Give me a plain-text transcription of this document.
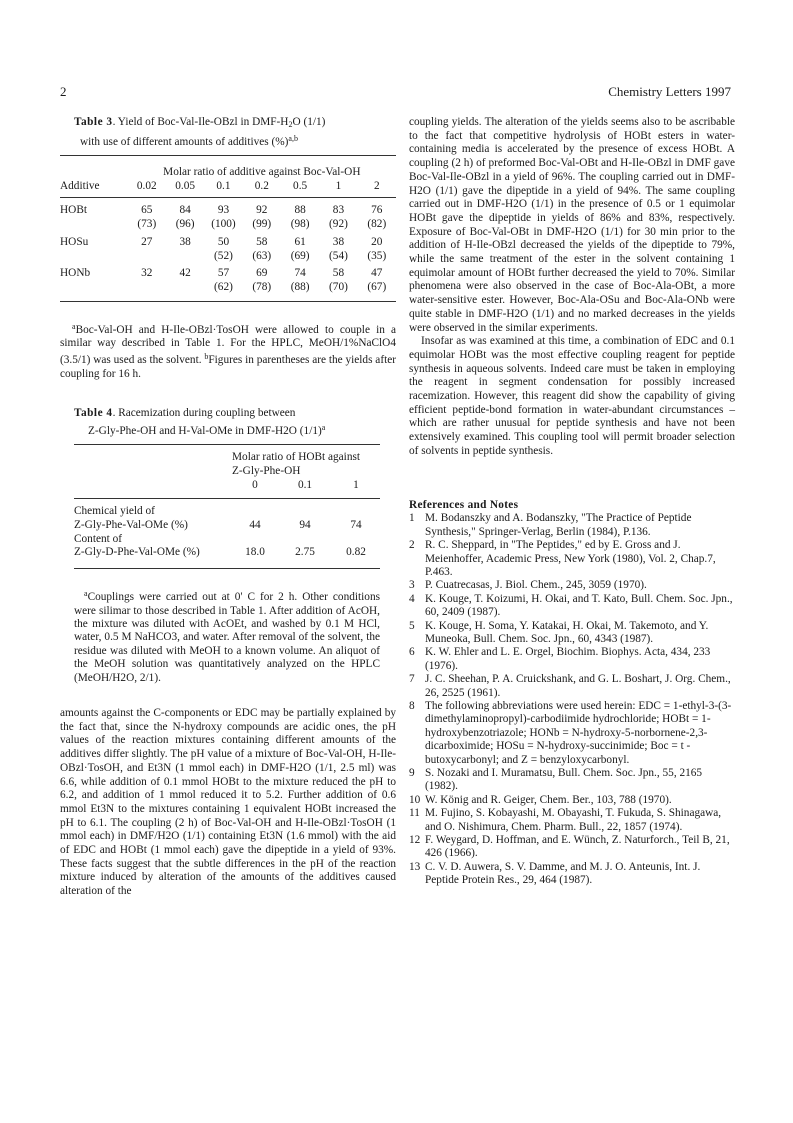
2	Chemistry Letters 1997
Table 3. Yield of Boc-Val-Ile-OBzl in DMF-$H_2O$ (1/1)
with use of different amounts of additives (%)$^{a,b}$
	Molar ratio of additive against Boc-Val-OH						
Additive	0.02	0.05	0.1	0.2	0.5	1	2

HOBt	65	84	93	92	88	83	76
	(73)	(96)	(100)	(99)	(98)	(92)	(82)
HOSu	27	38	50	58	61	38	20
			(52)	(63)	(69)	(54)	(35)
HONb	32	42	57	69	74	58	47
			(62)	(78)	(88)	(70)	(67)

$^a$Boc-Val-OH and H-Ile-OBzl·TosOH were allowed to couple in a similar way described in Table 1. For the HPLC, MeOH/1%NaClO4 (3.5/1) was used as the solvent. $^b$Figures in parentheses are the yields after coupling for 16 h.

Table 4. Racemization during coupling between
Z-Gly-Phe-OH and H-Val-OMe in DMF-H2O $(1/1)^a$
	Molar ratio of HOBt against		
	Z-Gly-Phe-OH		
	0	0.1	1

Chemical yield of			
Z-Gly-Phe-Val-OMe (%)	44	94	74
Content of			
Z-Gly-D-Phe-Val-OMe (%)	18.0	2.75	0.82

$^a$Couplings were carried out at 0' C for 2 h. Other conditions were silimar to those described in Table 1. After addition of AcOH, the mixture was diluted with AcOEt, and washed by 0.1 M HCl, water, 0.5 M NaHCO3, and water. After removal of the solvent, the residue was diluted with MeOH to a known volume. An aliquot of the MeOH solution was quantitatively analyzed on the HPLC (MeOH/H2O, 2/1).

amounts against the C-components or EDC may be partially explained by the fact that, since the N-hydroxy compounds are acidic ones, the pH values of the reaction mixtures containing different amounts of the additives differ slightly. The pH value of a mixture of Boc-Val-OH, H-Ile-OBzl·TosOH, and Et3N (1 mmol each) in DMF-H2O (1/1, 2.5 ml) was 6.6, while addition of 0.1 mmol HOBt to the mixture reduced the pH to 6.2, and addition of 1 mmol reduced it to 5.2. Further addition of 0.6 mmol Et3N to the mixtures containing 1 equivalent HOBt increased the pH to 6.1. The coupling (2 h) of Boc-Val-OH and H-Ile-OBzl·TosOH (1 mmol each) in DMF/H2O (1/1) containing Et3N (1.6 mmol) with the aid of EDC and HOBt (1 mmol each) gave the dipeptide in a yield of 93%. These facts suggest that the subtle differences in the pH of the reaction mixture induced by alteration of the amounts of the additives caused alteration of the

coupling yields. The alteration of the yields seems also to be ascribable to the fact that competitive hydrolysis of HOBt esters in water-containing media is accelerated by the presence of excess HOBt. A coupling (2 h) of preformed Boc-Val-OBt and H-Ile-OBzl in DMF gave Boc-Val-Ile-OBzl in a yield of 96%. The coupling carried out in DMF-H2O (1/1) gave the dipeptide in a yield of 94%. The same coupling carried out in DMF-H2O (1/1) in the presence of 0.5 or 1 equimolar HOBt gave the dipeptide in yields of 86% and 83%, respectively. Exposure of Boc-Val-OBt in DMF-H2O (1/1) for 30 min prior to the addition of H-Ile-OBzl decreased the yields of the dipeptide to 79%, while the same treatment of the ester in the solvent containing 1 equimolar amount of HOBt further decreased the yield to 70%. Similar phenomena were also observed in the case of Boc-Ala-OBt, a more water-sensitive ester. However, Boc-Ala-OSu and Boc-Ala-ONb were quite stable in DMF-H2O (1/1) and no marked decreases in the yields were observed in the similar experiments.

Insofar as was examined at this time, a combination of EDC and 0.1 equimolar HOBt was the most effective coupling reagent for peptide synthesis in aqueous solvents. Indeed care must be taken in employing the reagent in segment condensation for possibly increased racemization. However, this reagent did show the capability of giving efficient peptide-bond formation in water-abundant circumstances – which are rather unusual for peptide synthesis and have not been extensively examined. This coupling tool will permit broader selection of solvents in peptide synthesis.

References and Notes
1 M. Bodanszky and A. Bodanszky, "The Practice of Peptide Synthesis," Springer-Verlag, Berlin (1984), P.136.
2 R. C. Sheppard, in "The Peptides," ed by E. Gross and J. Meienhoffer, Academic Press, New York (1980), Vol. 2, Chap.7, P.463.
3 P. Cuatrecasas, J. Biol. Chem., 245, 3059 (1970).
4 K. Kouge, T. Koizumi, H. Okai, and T. Kato, Bull. Chem. Soc. Jpn., 60, 2409 (1987).
5 K. Kouge, H. Soma, Y. Katakai, H. Okai, M. Takemoto, and Y. Muneoka, Bull. Chem. Soc. Jpn., 60, 4343 (1987).
6 K. W. Ehler and L. E. Orgel, Biochim. Biophys. Acta, 434, 233 (1976).
7 J. C. Sheehan, P. A. Cruickshank, and G. L. Boshart, J. Org. Chem., 26, 2525 (1961).
8 The following abbreviations were used herein: EDC = 1-ethyl-3-(3-dimethylaminopropyl)-carbodiimide hydrochloride; HOBt = 1-hydroxybenzotriazole; HONb = N-hydroxy-5-norbornene-2,3-dicarboximide; HOSu = N-hydroxy-succinimide; Boc = t -butoxycarbonyl; and Z = benzyloxycarbonyl.
9 S. Nozaki and I. Muramatsu, Bull. Chem. Soc. Jpn., 55, 2165 (1982).
10 W. König and R. Geiger, Chem. Ber., 103, 788 (1970).
11 M. Fujino, S. Kobayashi, M. Obayashi, T. Fukuda, S. Shinagawa, and O. Nishimura, Chem. Pharm. Bull., 22, 1857 (1974).
12 F. Weygard, D. Hoffman, and E. Wünch, Z. Naturforch., Teil B, 21, 426 (1966).
13 C. V. D. Auwera, S. V. Damme, and M. J. O. Anteunis, Int. J. Peptide Protein Res., 29, 464 (1987).
